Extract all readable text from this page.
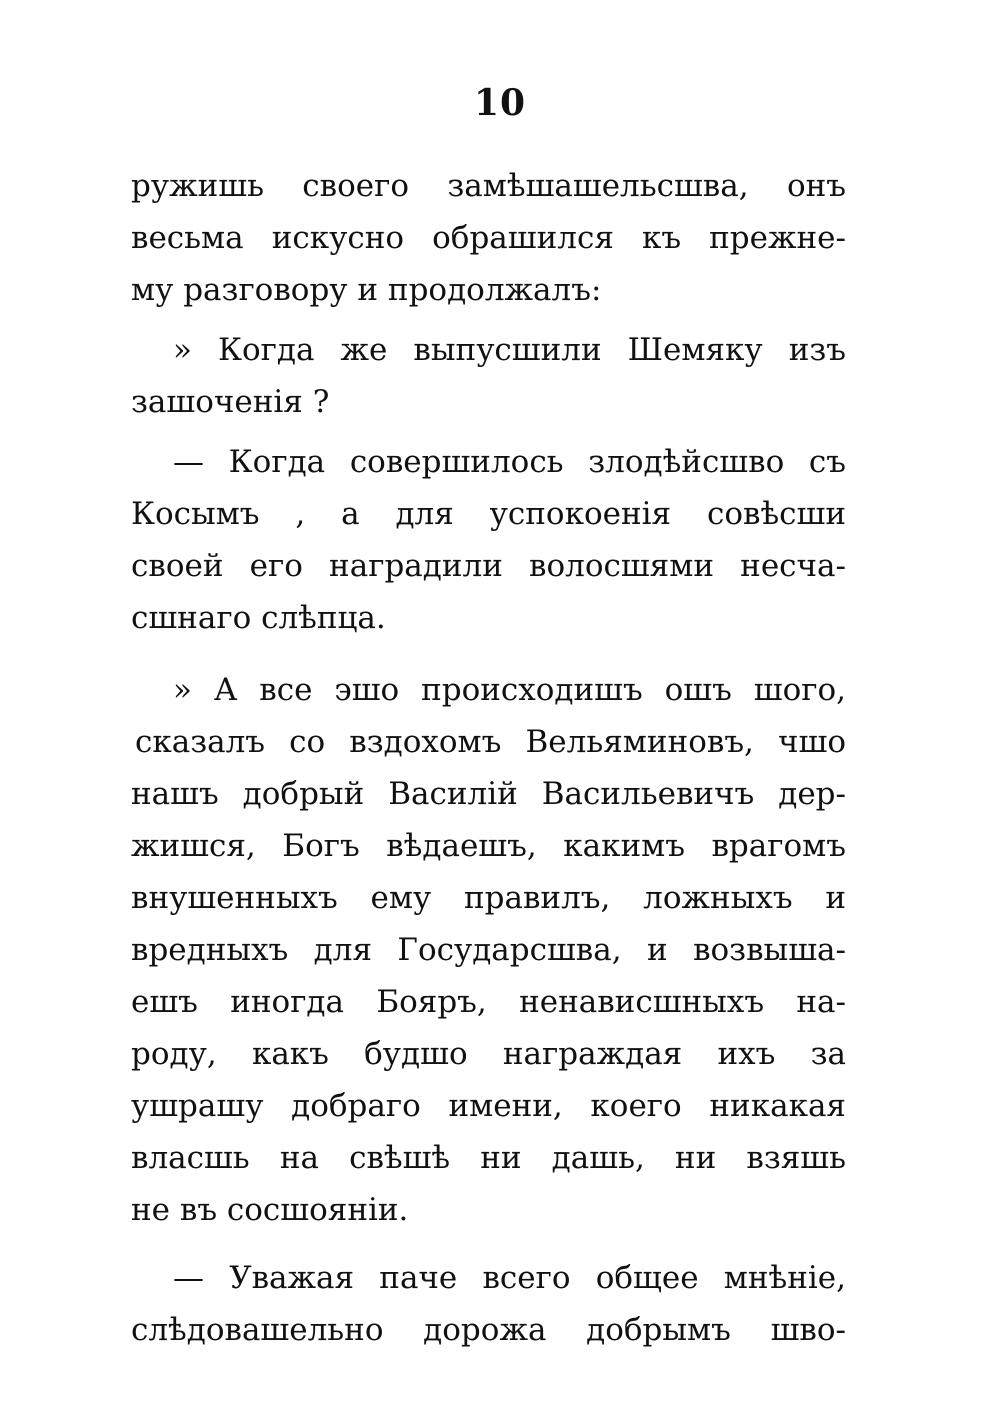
10
ружишь своего замѣшашельсшва, онъ
весьма искусно обрашился къ прежне-
му разговору и продолжалъ:
» Когда же выпусшили Шемяку изъ
зашоченія ?
— Когда совершилось злодѣйсшво съ
Косымъ , а для успокоенія совѣсши
своей его наградили волосшями несча-
сшнаго слѣпца.
» А все эшо происходишъ ошъ шого,
сказалъ со вздохомъ Вельяминовъ, чшо
нашъ добрый Василій Васильевичъ дер-
жишся, Богъ вѣдаешъ, какимъ врагомъ
внушенныхъ ему правилъ, ложныхъ и
вредныхъ для Государсшва, и возвыша-
ешъ иногда Бояръ, ненависшныхъ на-
роду, какъ будшо награждая ихъ за
ушрашу добраго имени, коего никакая
власшь на свѣшѣ ни дашь, ни взяшь
не въ сосшояніи.
— Уважая паче всего общее мнѣніе,
слѣдовашельно дорожа добрымъ шво-
